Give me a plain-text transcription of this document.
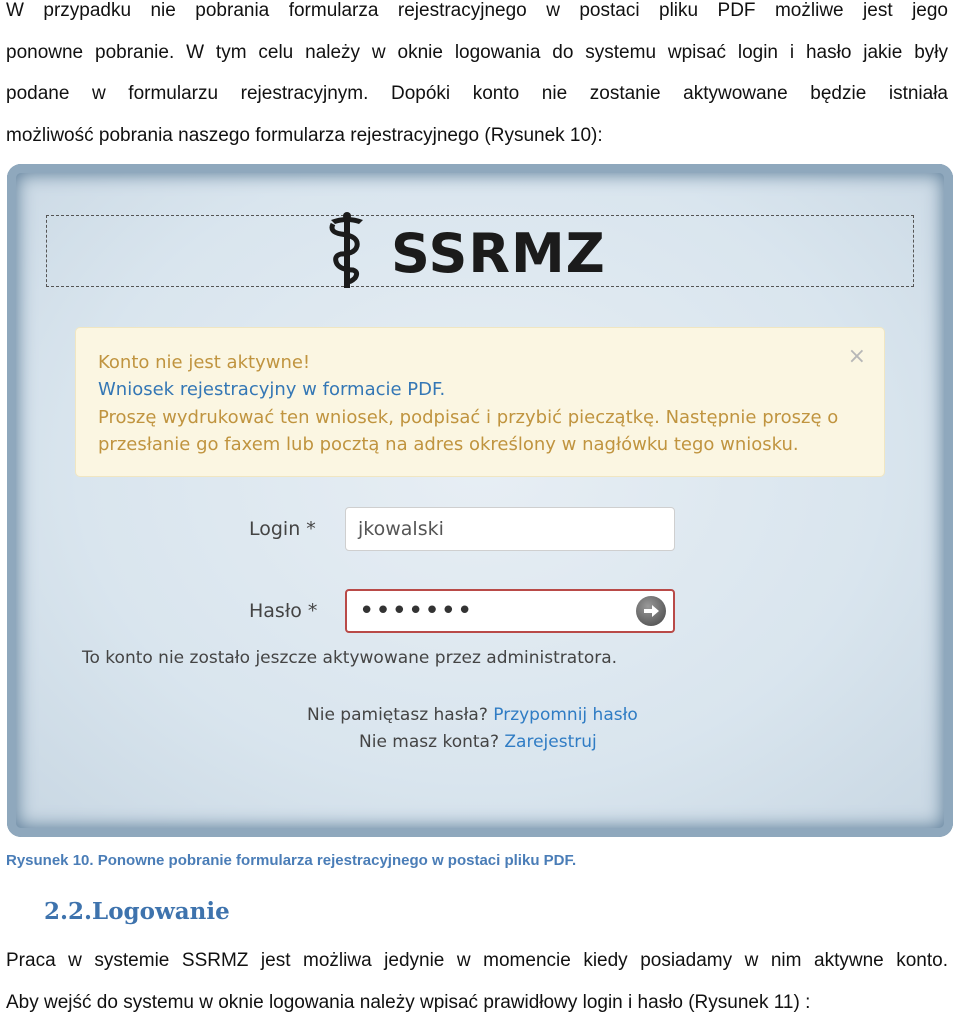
W przypadku nie pobrania formularza rejestracyjnego w postaci pliku PDF możliwe jest jego
ponowne pobranie. W tym celu należy w oknie logowania do systemu wpisać login i hasło jakie były
podane w formularzu rejestracyjnym. Dopóki konto nie zostanie aktywowane będzie istniała
możliwość pobrania naszego formularza rejestracyjnego (Rysunek 10):

SSRMZ
Konto nie jest aktywne!
Wniosek rejestracyjny w formacie PDF.
Proszę wydrukować ten wniosek, podpisać i przybić pieczątkę. Następnie proszę o
przesłanie go faxem lub pocztą na adres określony w nagłówku tego wniosku.
×
Login *	jkowalski
Hasło *	•••••••
To konto nie zostało jeszcze aktywowane przez administratora.
Nie pamiętasz hasła? Przypomnij hasło
Nie masz konta? Zarejestruj
Rysunek 10. Ponowne pobranie formularza rejestracyjnego w postaci pliku PDF.
2.2.Logowanie

Praca w systemie SSRMZ jest możliwa jedynie w momencie kiedy posiadamy w nim aktywne konto.
Aby wejść do systemu w oknie logowania należy wpisać prawidłowy login i hasło (Rysunek 11) :
